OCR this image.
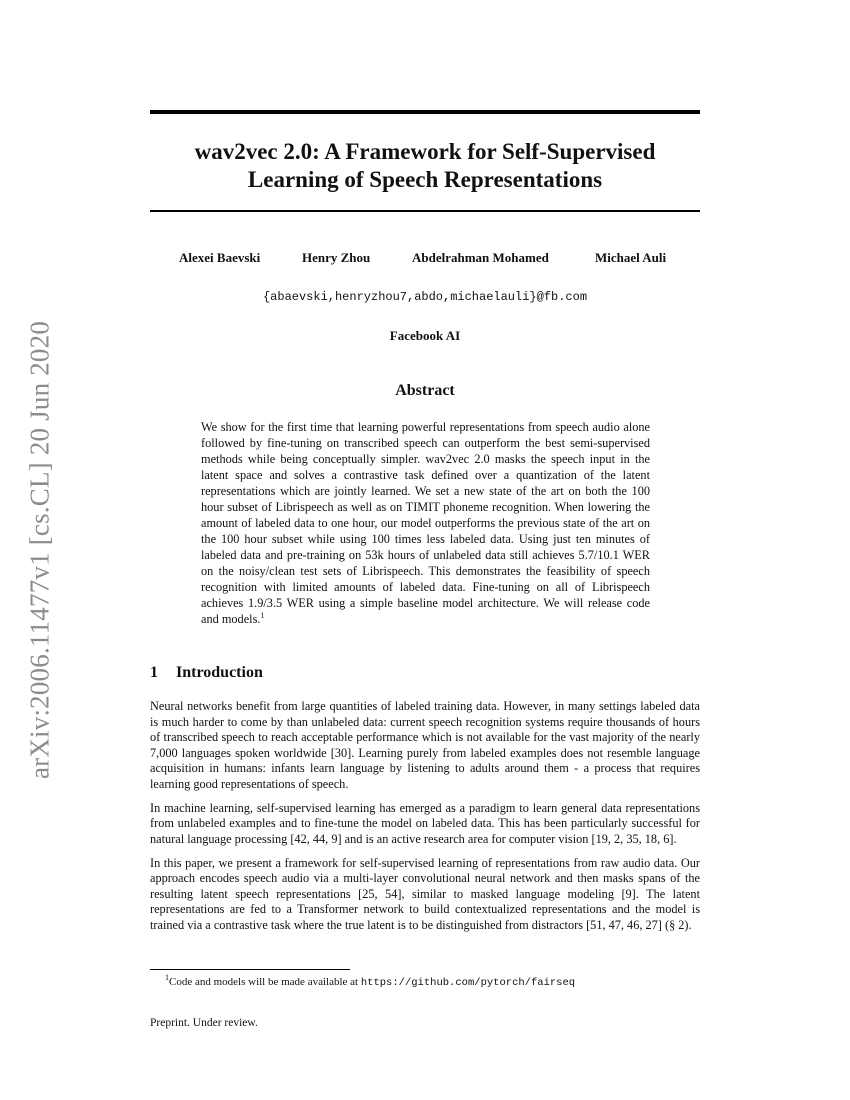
arXiv:2006.11477v1 [cs.CL] 20 Jun 2020
wav2vec 2.0: A Framework for Self-Supervised
Learning of Speech Representations
Alexei Baevski	Henry Zhou	Abdelrahman Mohamed	Michael Auli
{abaevski,henryzhou7,abdo,michaelauli}@fb.com
Facebook AI
Abstract

We show for the first time that learning powerful representations from speech audio alone followed by fine-tuning on transcribed speech can outperform the best semi-supervised methods while being conceptually simpler. wav2vec 2.0 masks the speech input in the latent space and solves a contrastive task defined over a quantization of the latent representations which are jointly learned. We set a new state of the art on both the 100 hour subset of Librispeech as well as on TIMIT phoneme recognition. When lowering the amount of labeled data to one hour, our model outperforms the previous state of the art on the 100 hour subset while using 100 times less labeled data. Using just ten minutes of labeled data and pre-training on 53k hours of unlabeled data still achieves 5.7/10.1 WER on the noisy/clean test sets of Librispeech. This demonstrates the feasibility of speech recognition with limited amounts of labeled data. Fine-tuning on all of Librispeech achieves 1.9/3.5 WER using a simple baseline model architecture. We will release code and models.$^1$

1 Introduction

Neural networks benefit from large quantities of labeled training data. However, in many settings labeled data is much harder to come by than unlabeled data: current speech recognition systems require thousands of hours of transcribed speech to reach acceptable performance which is not available for the vast majority of the nearly 7,000 languages spoken worldwide [30]. Learning purely from labeled examples does not resemble language acquisition in humans: infants learn language by listening to adults around them - a process that requires learning good representations of speech.

In machine learning, self-supervised learning has emerged as a paradigm to learn general data representations from unlabeled examples and to fine-tune the model on labeled data. This has been particularly successful for natural language processing [42, 44, 9] and is an active research area for computer vision [19, 2, 35, 18, 6].

In this paper, we present a framework for self-supervised learning of representations from raw audio data. Our approach encodes speech audio via a multi-layer convolutional neural network and then masks spans of the resulting latent speech representations [25, 54], similar to masked language modeling [9]. The latent representations are fed to a Transformer network to build contextualized representations and the model is trained via a contrastive task where the true latent is to be distinguished from distractors [51, 47, 46, 27] (§ 2).

$^1$Code and models will be made available at https://github.com/pytorch/fairseq
Preprint. Under review.
